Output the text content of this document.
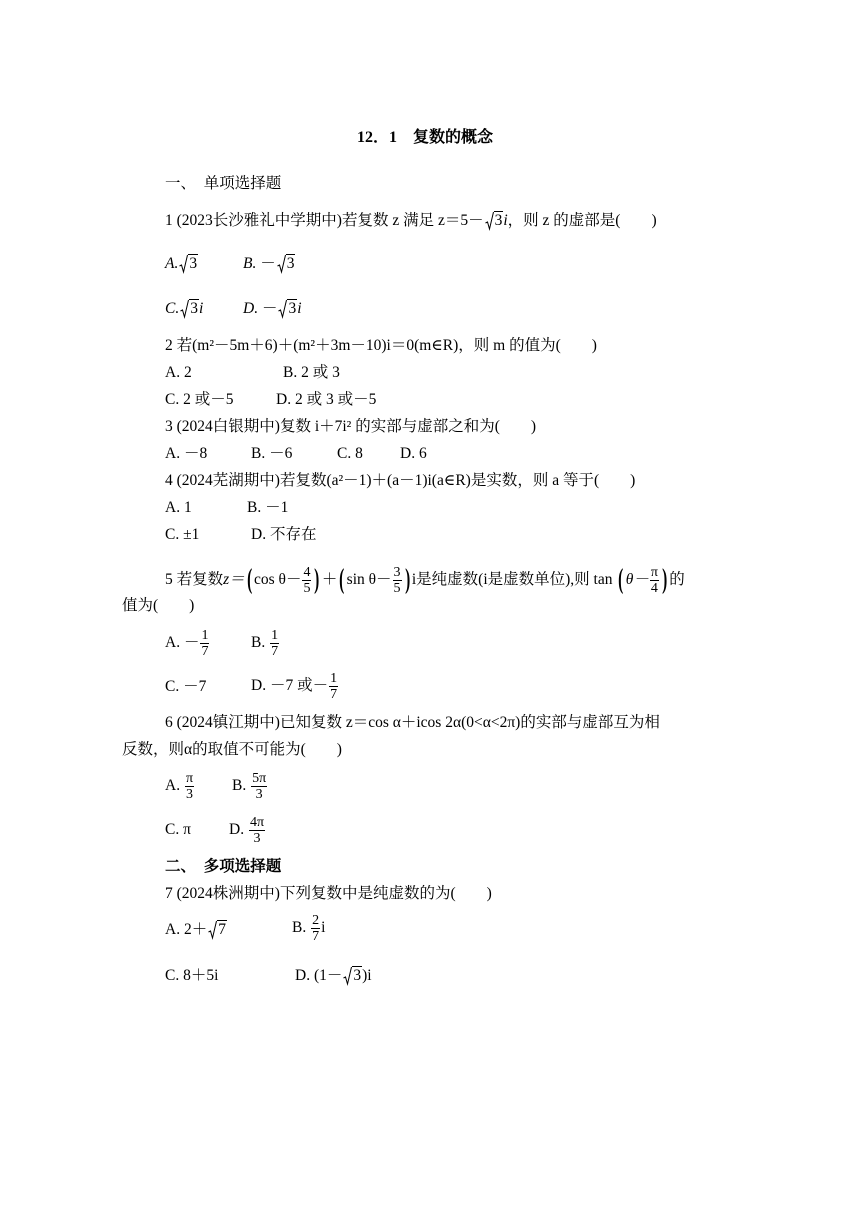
12．1　复数的概念
一、　单项选择题
1 (2023长沙雅礼中学期中)若复数 z 满足 z＝5－ 3i，则 z 的虚部是(　　)
A. 3	B. － 3
C. 3i	D. － 3i
2 若(m²－5m＋6)＋(m²＋3m－10)i＝0(m∈R)，则 m 的值为(　　)
A. 2	B. 2 或 3
C. 2 或－5	D. 2 或 3 或－5
3 (2024白银期中)复数 i＋7i² 的实部与虚部之和为(　　)
A. －8	B. －6	C. 8 D. 6
4 (2024芜湖期中)若复数(a²－1)＋(a－1)i(a∈R)是实数，则 a 等于(　　)
A. 1	B. －1
C. ±1	D. 不存在
5 若复数 z＝ ( $\cos \theta- \frac{4}{5}$ ) ＋ ( $\sin \theta- \frac{3}{5}$ ) i是纯虚数(i是虚数单位),则 tan
( $\theta- \frac{\pi}{4}$ ) 的
值为(　　)
A.
－ $\frac{1}{7}$	B.
$\frac{1}{7}$
C. －7	D. －7 或－ $\frac{1}{7}$
6 (2024镇江期中)已知复数 z＝cos α＋icos 2α(0<α<2π)的实部与虚部互为相
反数，则α的取值不可能为(　　)
A.
$\frac{\pi}{3} B$.
$\frac{5\pi}{3}$
C. π D.
$\frac{4\pi}{3}$
二、　多项选择题
7 (2024株洲期中)下列复数中是纯虚数的为(　　)
A. 2＋ 7	B.
$\frac{2}{7}$ i
C. 8＋5i	D. (1－ 3)i
